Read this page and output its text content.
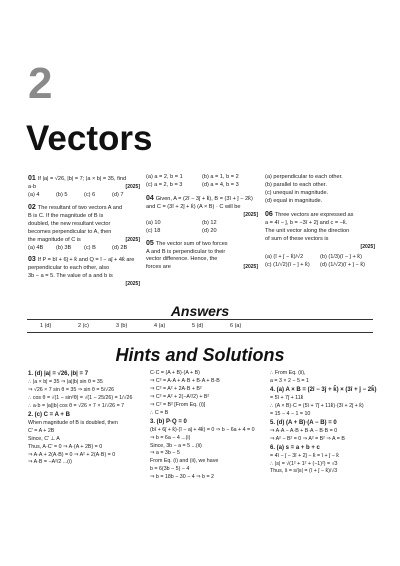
2
Vectors
01 If |a| = √26, |b| = 7; |a × b| = 35, find
a·b	[2025]
(a) 4	(b) 5	(c) 6	(d) 7
02 The resultant of two vectors A and
B is C. If the magnitude of B is
doubled, the new resultant vector
becomes perpendicular to A, then
the magnitude of C is	[2025]
(a) 4B	(b) 3B	(c) B	(d) 2B
03 If P = bî + 6ĵ + k̂ and Q = î − aĵ + 4k̂ are
perpendicular to each other, also
3b − a = 5. The value of a and b is
[2025]

(a) a = 2, b = 1	(b) a = 1, b = 2
(c) a = 2, b = 3	(d) a = 4, b = 3
04 Given, A = (2î − 3ĵ + k̂), B = (3î + ĵ − 2k̂)
and C = (3î + 2ĵ + k̂) (A × B) · C will be
[2025]

(a) 10	(b) 12
(c) 18	(d) 20
05 The vector sum of two forces
A and B is perpendicular to their
vector difference. Hence, the
forces are	[2025]
(a) perpendicular to each other.
(b) parallel to each other.
(c) unequal in magnitude.
(d) equal in magnitude.
06 Three vectors are expressed as
a = 4î − ĵ, b = −3î + 2ĵ and c = −k̂.
The unit vector along the direction
of sum of these vectors is
[2025]

(a) (î + ĵ − k̂)/√2	(b) (1/3)(î − ĵ + k̂)
(c) (1/√2)(î − ĵ + k̂)	(d) (1/√2)(î + ĵ − k̂)
Answers
1 (d)	2 (c)	3 (b)	4 (a)	5 (d)	6 (a)
Hints and Solutions

1. (d) |a| = √26, |b| = 7

∴ |a × b| = 35 ⇒ |a||b| sin θ = 35

⇒ √26 × 7 sin θ = 35 ⇒ sin θ = 5/√26

∴ cos θ = √(1 − sin²θ) = √(1 − 25/26) = 1/√26

∴ a·b = |a||b| cos θ = √26 × 7 × 1/√26 = 7

2. (c) C = A + B

When magnitude of B is doubled, then

C' = A + 2B

Since, C' ⊥ A

Thus, A·C' = 0 ⇒ A·(A + 2B) = 0

⇒ A·A + 2(A·B) = 0 ⇒ A² + 2(A·B) = 0

⇒ A·B = −A²/2 ...(i)

C·C = (A + B)·(A + B)

⇒ C² = A·A + A·B + B·A + B·B

⇒ C² = A² + 2A·B + B²

⇒ C² = A² + 2(−A²/2) + B²

⇒ C² = B² [From Eq. (i)]

∴ C = B

3. (b) P·Q = 0

(bî + 6ĵ + k̂)·(î − aĵ + 4k̂) = 0 ⇒ b − 6a + 4 = 0

⇒ b = 6a − 4 ...(i)

Since, 3b − a = 5 ...(ii)

⇒ a = 3b − 5

From Eq. (i) and (ii), we have

b = 6(3b − 5) − 4

⇒ b = 18b − 30 − 4 ⇒ b = 2

∴ From Eq. (ii),

a = 3 × 2 − 5 = 1

4. (a) A × B = (2î − 3ĵ + k̂) × (3î + ĵ − 2k̂)

= 5î + 7ĵ + 11k̂

∴ (A × B)·C = (5î + 7ĵ + 11k̂)·(3î + 2ĵ + k̂)

= 15 − 4 − 1 = 10

5. (d) (A + B)·(A − B) = 0

⇒ A·A − A·B + B·A − B·B = 0

⇒ A² − B² = 0 ⇒ A² = B² ⇒ A = B

6. (a) s = a + b + c

= 4î − ĵ − 3î + 2ĵ − k̂ = î + ĵ − k̂

∴ |s| = √(1² + 1² + (−1)²) = √3

Thus, ŝ = s/|s| = (î + ĵ − k̂)/√3
